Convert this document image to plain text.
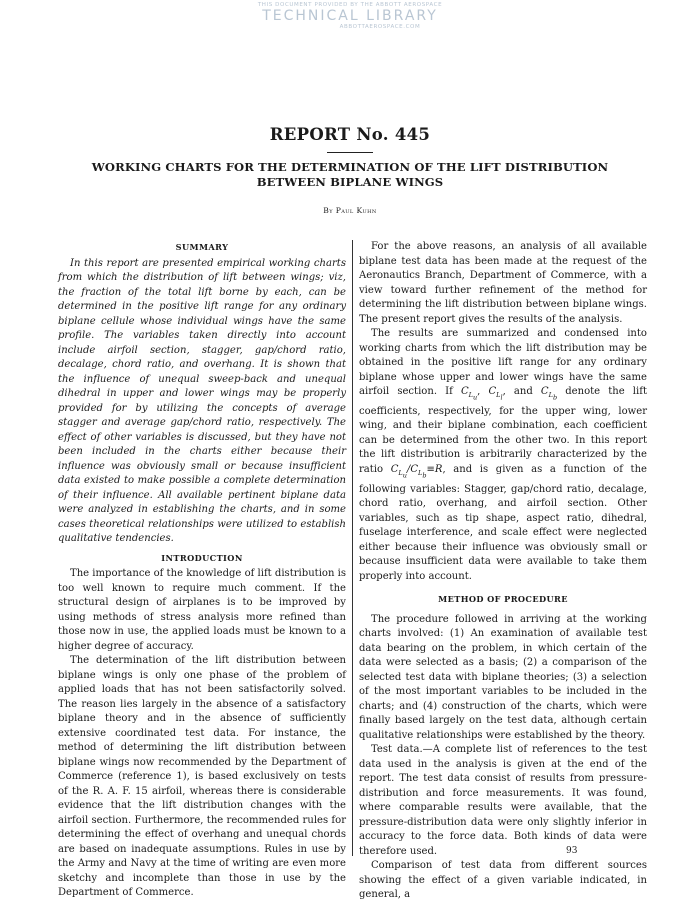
THIS DOCUMENT PROVIDED BY THE ABBOTT AEROSPACE
TECHNICAL LIBRARY
ABBOTTAEROSPACE.COM
REPORT No. 445
WORKING CHARTS FOR THE DETERMINATION OF THE LIFT DISTRIBUTION
BETWEEN BIPLANE WINGS
By Paul Kuhn
SUMMARY

In this report are presented empirical working charts from which the distribution of lift between wings; viz, the fraction of the total lift borne by each, can be determined in the positive lift range for any ordinary biplane cellule whose individual wings have the same profile. The variables taken directly into account include airfoil section, stagger, gap/chord ratio, decalage, chord ratio, and overhang. It is shown that the influence of unequal sweep-back and unequal dihedral in upper and lower wings may be properly provided for by utilizing the concepts of average stagger and average gap/chord ratio, respectively. The effect of other variables is discussed, but they have not been included in the charts either because their influence was obviously small or because insufficient data existed to make possible a complete determination of their influence. All available pertinent biplane data were analyzed in establishing the charts, and in some cases theoretical relationships were utilized to establish qualitative tendencies.

INTRODUCTION

The importance of the knowledge of lift distribution is too well known to require much comment. If the structural design of airplanes is to be improved by using methods of stress analysis more refined than those now in use, the applied loads must be known to a higher degree of accuracy.

The determination of the lift distribution between biplane wings is only one phase of the problem of applied loads that has not been satisfactorily solved. The reason lies largely in the absence of a satisfactory biplane theory and in the absence of sufficiently extensive coordinated test data. For instance, the method of determining the lift distribution between biplane wings now recommended by the Department of Commerce (reference 1), is based exclusively on tests of the R. A. F. 15 airfoil, whereas there is considerable evidence that the lift distribution changes with the airfoil section. Furthermore, the recommended rules for determining the effect of overhang and unequal chords are based on inadequate assumptions. Rules in use by the Army and Navy at the time of writing are even more sketchy and incomplete than those in use by the Department of Commerce.

For the above reasons, an analysis of all available biplane test data has been made at the request of the Aeronautics Branch, Department of Commerce, with a view toward further refinement of the method for determining the lift distribution between biplane wings. The present report gives the results of the analysis.

The results are summarized and condensed into working charts from which the lift distribution may be obtained in the positive lift range for any ordinary biplane whose upper and lower wings have the same airfoil section. If $C_{L_u}$, $C_{L_l}$, and $C_{L_b}$ denote the lift coefficients, respectively, for the upper wing, lower wing, and their biplane combination, each coefficient can be determined from the other two. In this report the lift distribution is arbitrarily characterized by the ratio $C_{L_u}/C_{L_b}\equiv R$, and is given as a function of the following variables: Stagger, gap/chord ratio, decalage, chord ratio, overhang, and airfoil section. Other variables, such as tip shape, aspect ratio, dihedral, fuselage interference, and scale effect were neglected either because their influence was obviously small or because insufficient data were available to take them properly into account.

METHOD OF PROCEDURE

The procedure followed in arriving at the working charts involved: (1) An examination of available test data bearing on the problem, in which certain of the data were selected as a basis; (2) a comparison of the selected test data with biplane theories; (3) a selection of the most important variables to be included in the charts; and (4) construction of the charts, which were finally based largely on the test data, although certain qualitative relationships were established by the theory.

Test data.—A complete list of references to the test data used in the analysis is given at the end of the report. The test data consist of results from pressure-distribution and force measurements. It was found, where comparable results were available, that the pressure-distribution data were only slightly inferior in accuracy to the force data. Both kinds of data were therefore used.

Comparison of test data from different sources showing the effect of a given variable indicated, in general, a

93
